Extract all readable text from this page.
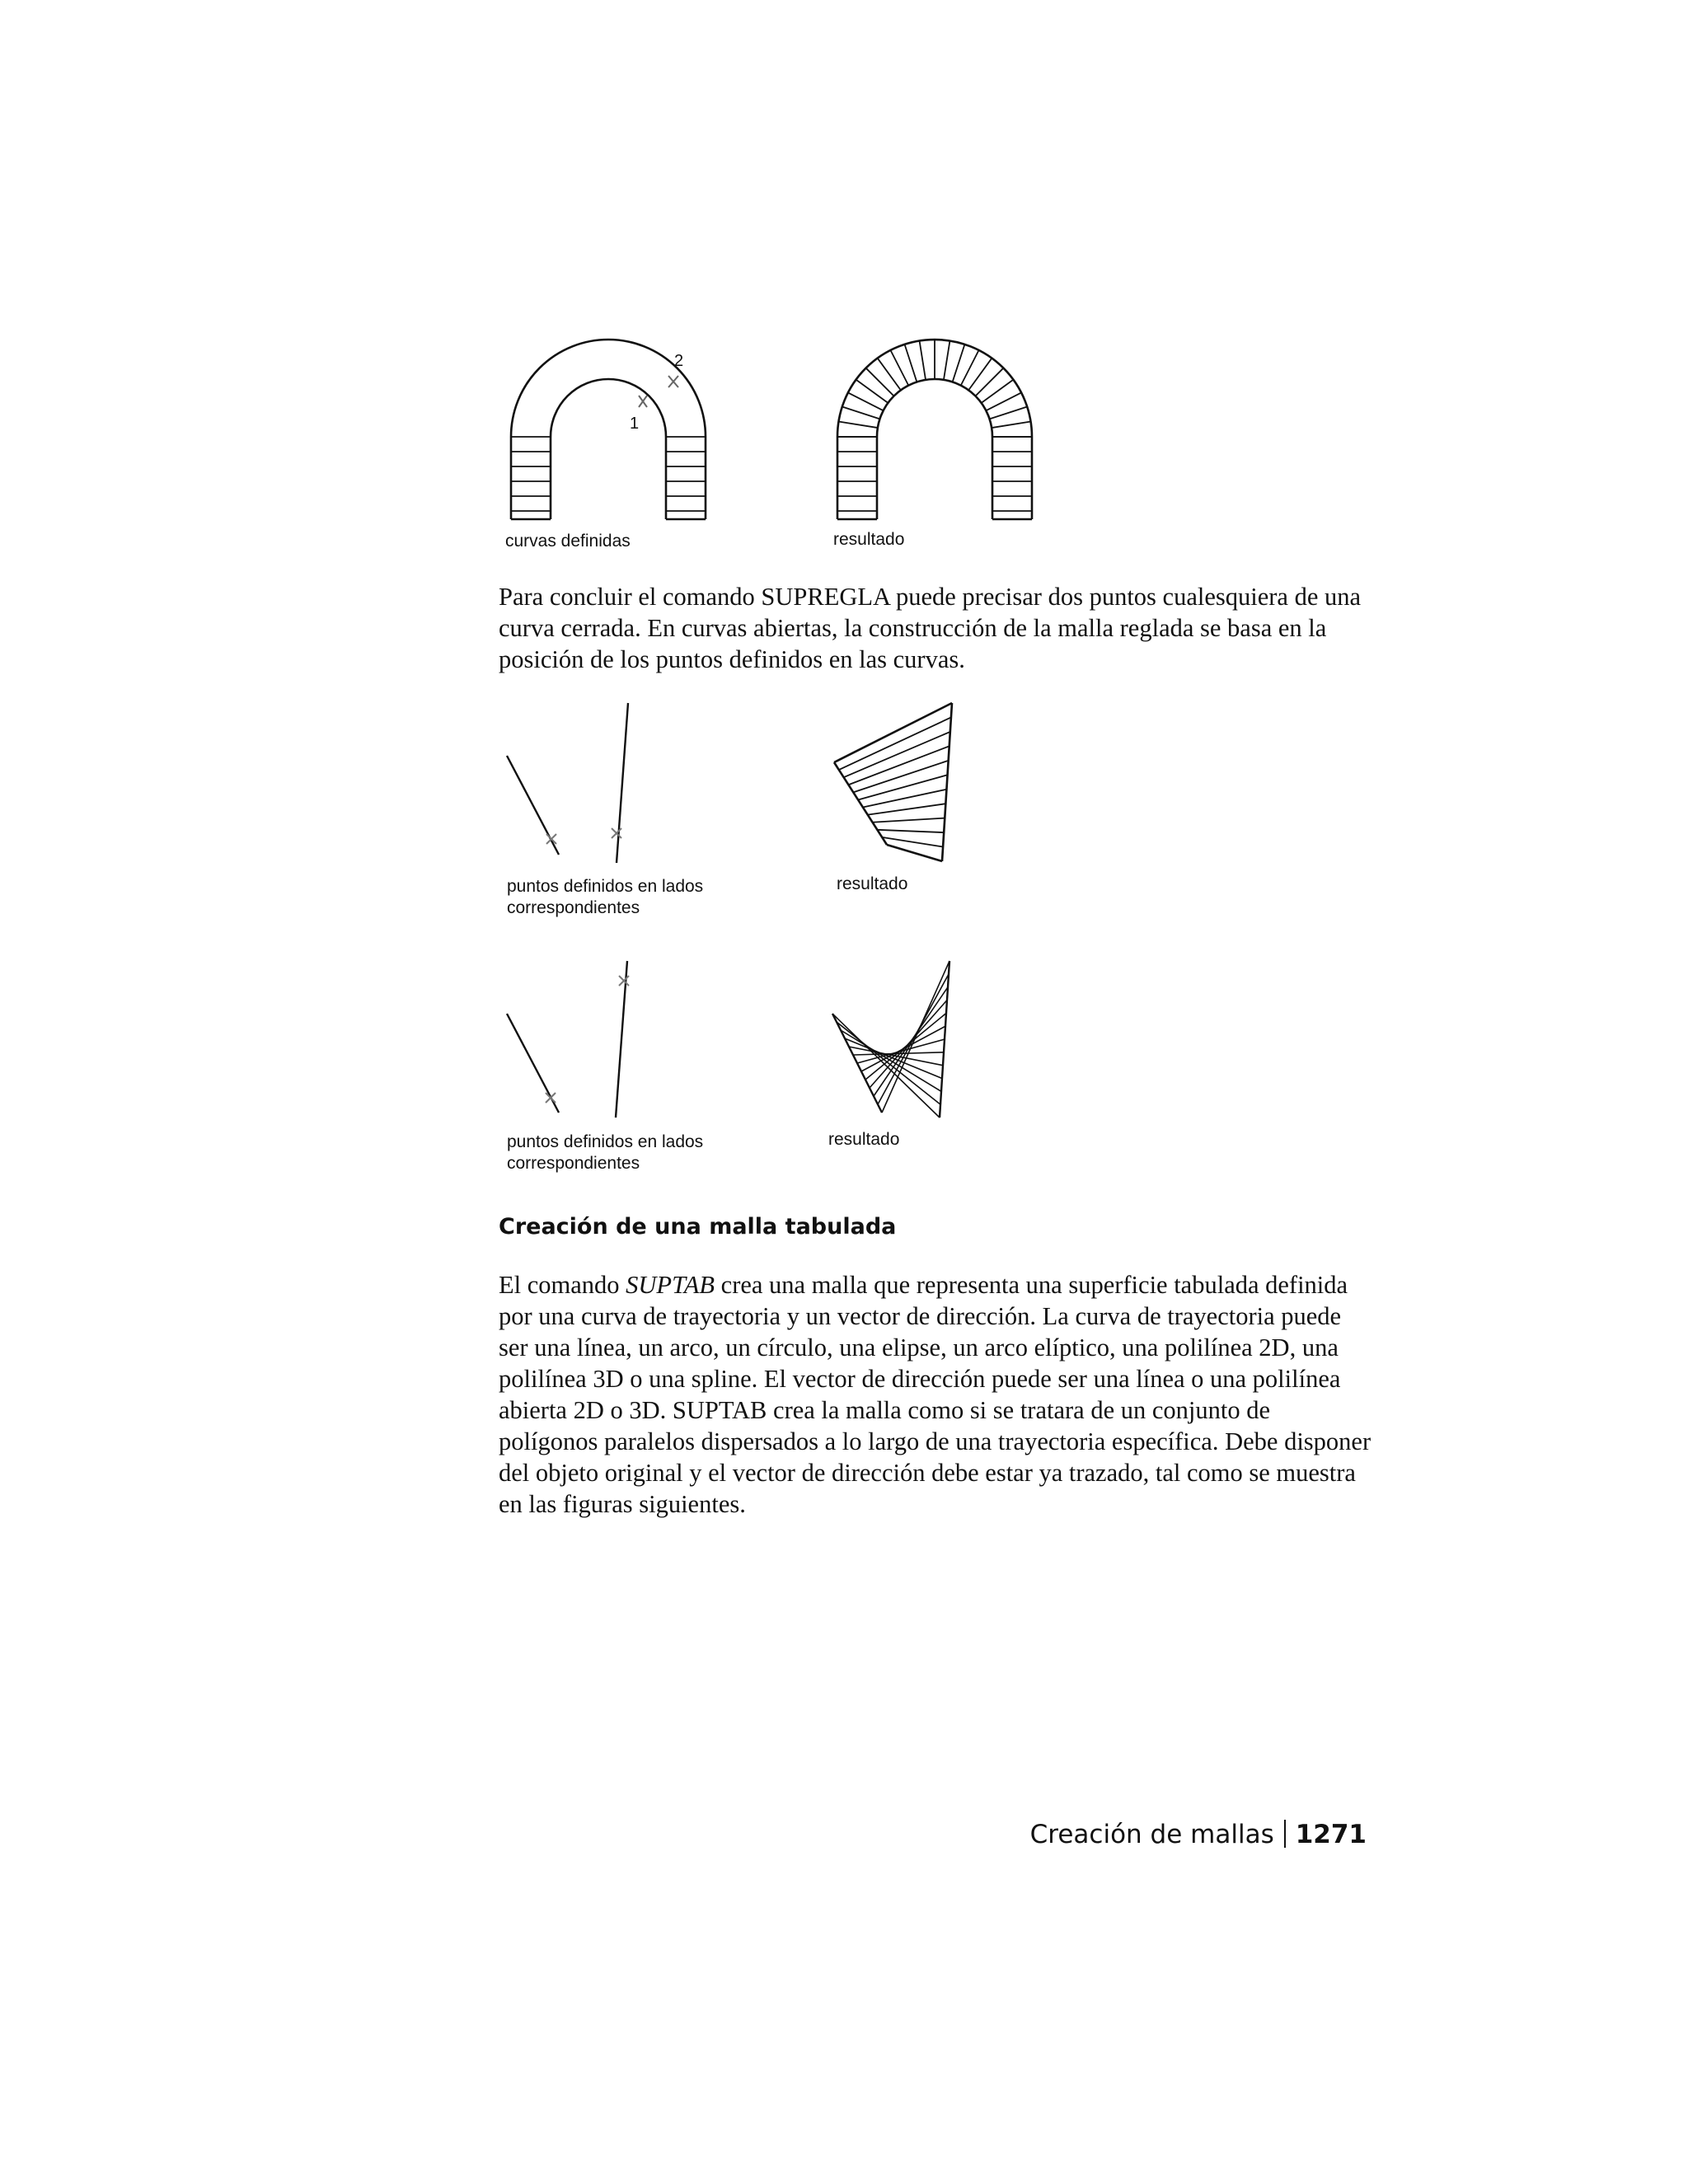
1
2
curvas definidas	resultado

Para concluir el comando SUPREGLA puede precisar dos puntos cualesquiera de una curva cerrada. En curvas abiertas, la construcción de la malla reglada se basa en la posición de los puntos definidos en las curvas.

puntos definidos en lados
correspondientes
resultado
puntos definidos en lados
correspondientes
resultado
Creación de una malla tabulada

El comando SUPTAB crea una malla que representa una superficie tabulada definida por una curva de trayectoria y un vector de dirección. La curva de trayectoria puede ser una línea, un arco, un círculo, una elipse, un arco elíptico, una polilínea 2D, una polilínea 3D o una spline. El vector de dirección puede ser una línea o una polilínea abierta 2D o 3D. SUPTAB crea la malla como si se tratara de un conjunto de polígonos paralelos dispersados a lo largo de una trayectoria específica. Debe disponer del objeto original y el vector de dirección debe estar ya trazado, tal como se muestra en las figuras siguientes.

Creación de mallas 1271
